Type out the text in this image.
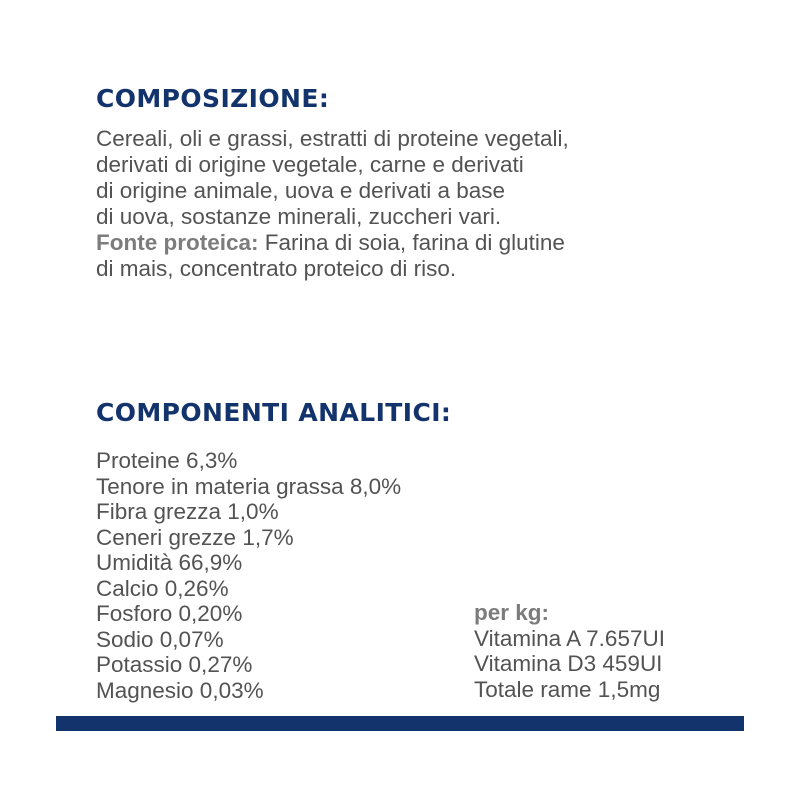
COMPOSIZIONE:

Cereali, oli e grassi, estratti di proteine vegetali,
derivati di origine vegetale, carne e derivati
di origine animale, uova e derivati a base
di uova, sostanze minerali, zuccheri vari.
Fonte proteica: Farina di soia, farina di glutine
di mais, concentrato proteico di riso.

COMPONENTI ANALITICI:
Proteine 6,3%
Tenore in materia grassa 8,0%
Fibra grezza 1,0%
Ceneri grezze 1,7%
Umidità 66,9%
Calcio 0,26%
Fosforo 0,20%
Sodio 0,07%
Potassio 0,27%
Magnesio 0,03%
per kg:
Vitamina A 7.657UI
Vitamina D3 459UI
Totale rame 1,5mg
